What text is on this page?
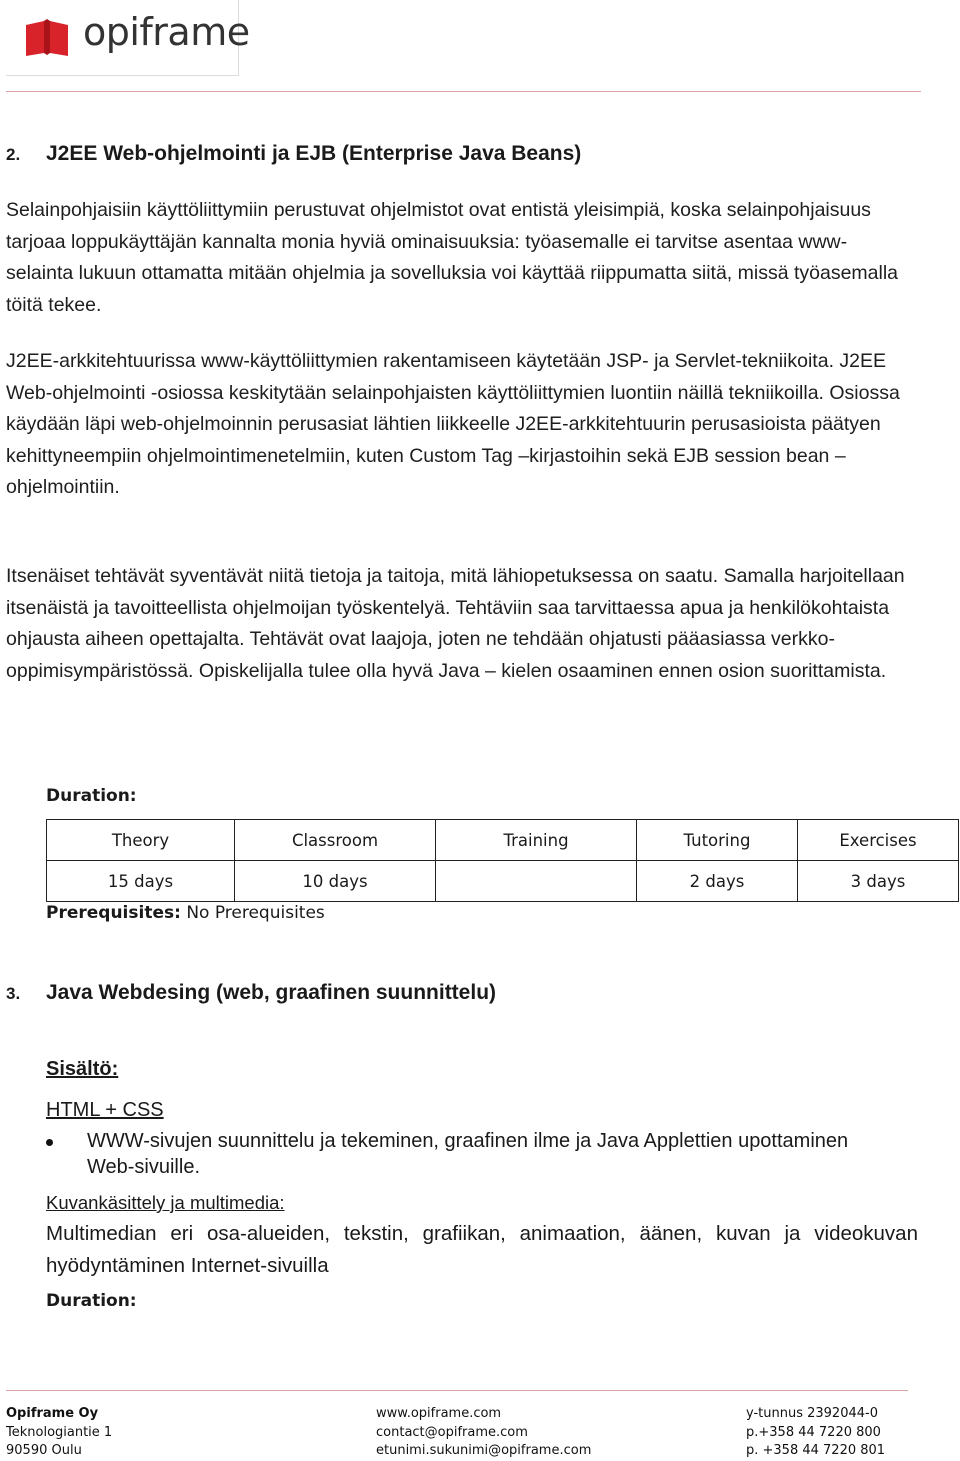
opiframe
2. J2EE Web-ohjelmointi ja EJB (Enterprise Java Beans)

Selainpohjaisiin käyttöliittymiin perustuvat ohjelmistot ovat entistä yleisimpiä, koska selainpohjaisuus tarjoaa loppukäyttäjän kannalta monia hyviä ominaisuuksia: työasemalle ei tarvitse asentaa www-selainta lukuun ottamatta mitään ohjelmia ja sovelluksia voi käyttää riippumatta siitä, missä työasemalla töitä tekee.

J2EE-arkkitehtuurissa www-käyttöliittymien rakentamiseen käytetään JSP- ja Servlet-tekniikoita. J2EE Web-ohjelmointi -osiossa keskitytään selainpohjaisten käyttöliittymien luontiin näillä tekniikoilla. Osiossa käydään läpi web-ohjelmoinnin perusasiat lähtien liikkeelle J2EE-arkkitehtuurin perusasioista päätyen kehittyneempiin ohjelmointimenetelmiin, kuten Custom Tag –kirjastoihin sekä EJB session bean –ohjelmointiin.

Itsenäiset tehtävät syventävät niitä tietoja ja taitoja, mitä lähiopetuksessa on saatu. Samalla harjoitellaan itsenäistä ja tavoitteellista ohjelmoijan työskentelyä. Tehtäviin saa tarvittaessa apua ja henkilökohtaista ohjausta aiheen opettajalta. Tehtävät ovat laajoja, joten ne tehdään ohjatusti pääasiassa verkko-oppimisympäristössä. Opiskelijalla tulee olla hyvä Java – kielen osaaminen ennen osion suorittamista.

Duration:
Theory	Classroom	Training	Tutoring	Exercises
15 days	10 days		2 days	3 days
Prerequisites: No Prerequisites
3. Java Webdesing (web, graafinen suunnittelu)
Sisältö:
HTML + CSS
WWW-sivujen suunnittelu ja tekeminen, graafinen ilme ja Java Applettien upottaminen Web-sivuille.
Kuvankäsittely ja multimedia:
Multimedian eri osa-alueiden, tekstin, grafiikan, animaation, äänen, kuvan ja videokuvan hyödyntäminen Internet-sivuilla
Duration:
Opiframe Oy
Teknologiantie 1
90590 Oulu
www.opiframe.com
contact@opiframe.com
etunimi.sukunimi@opiframe.com
y-tunnus 2392044-0
p.+358 44 7220 800
p. +358 44 7220 801
